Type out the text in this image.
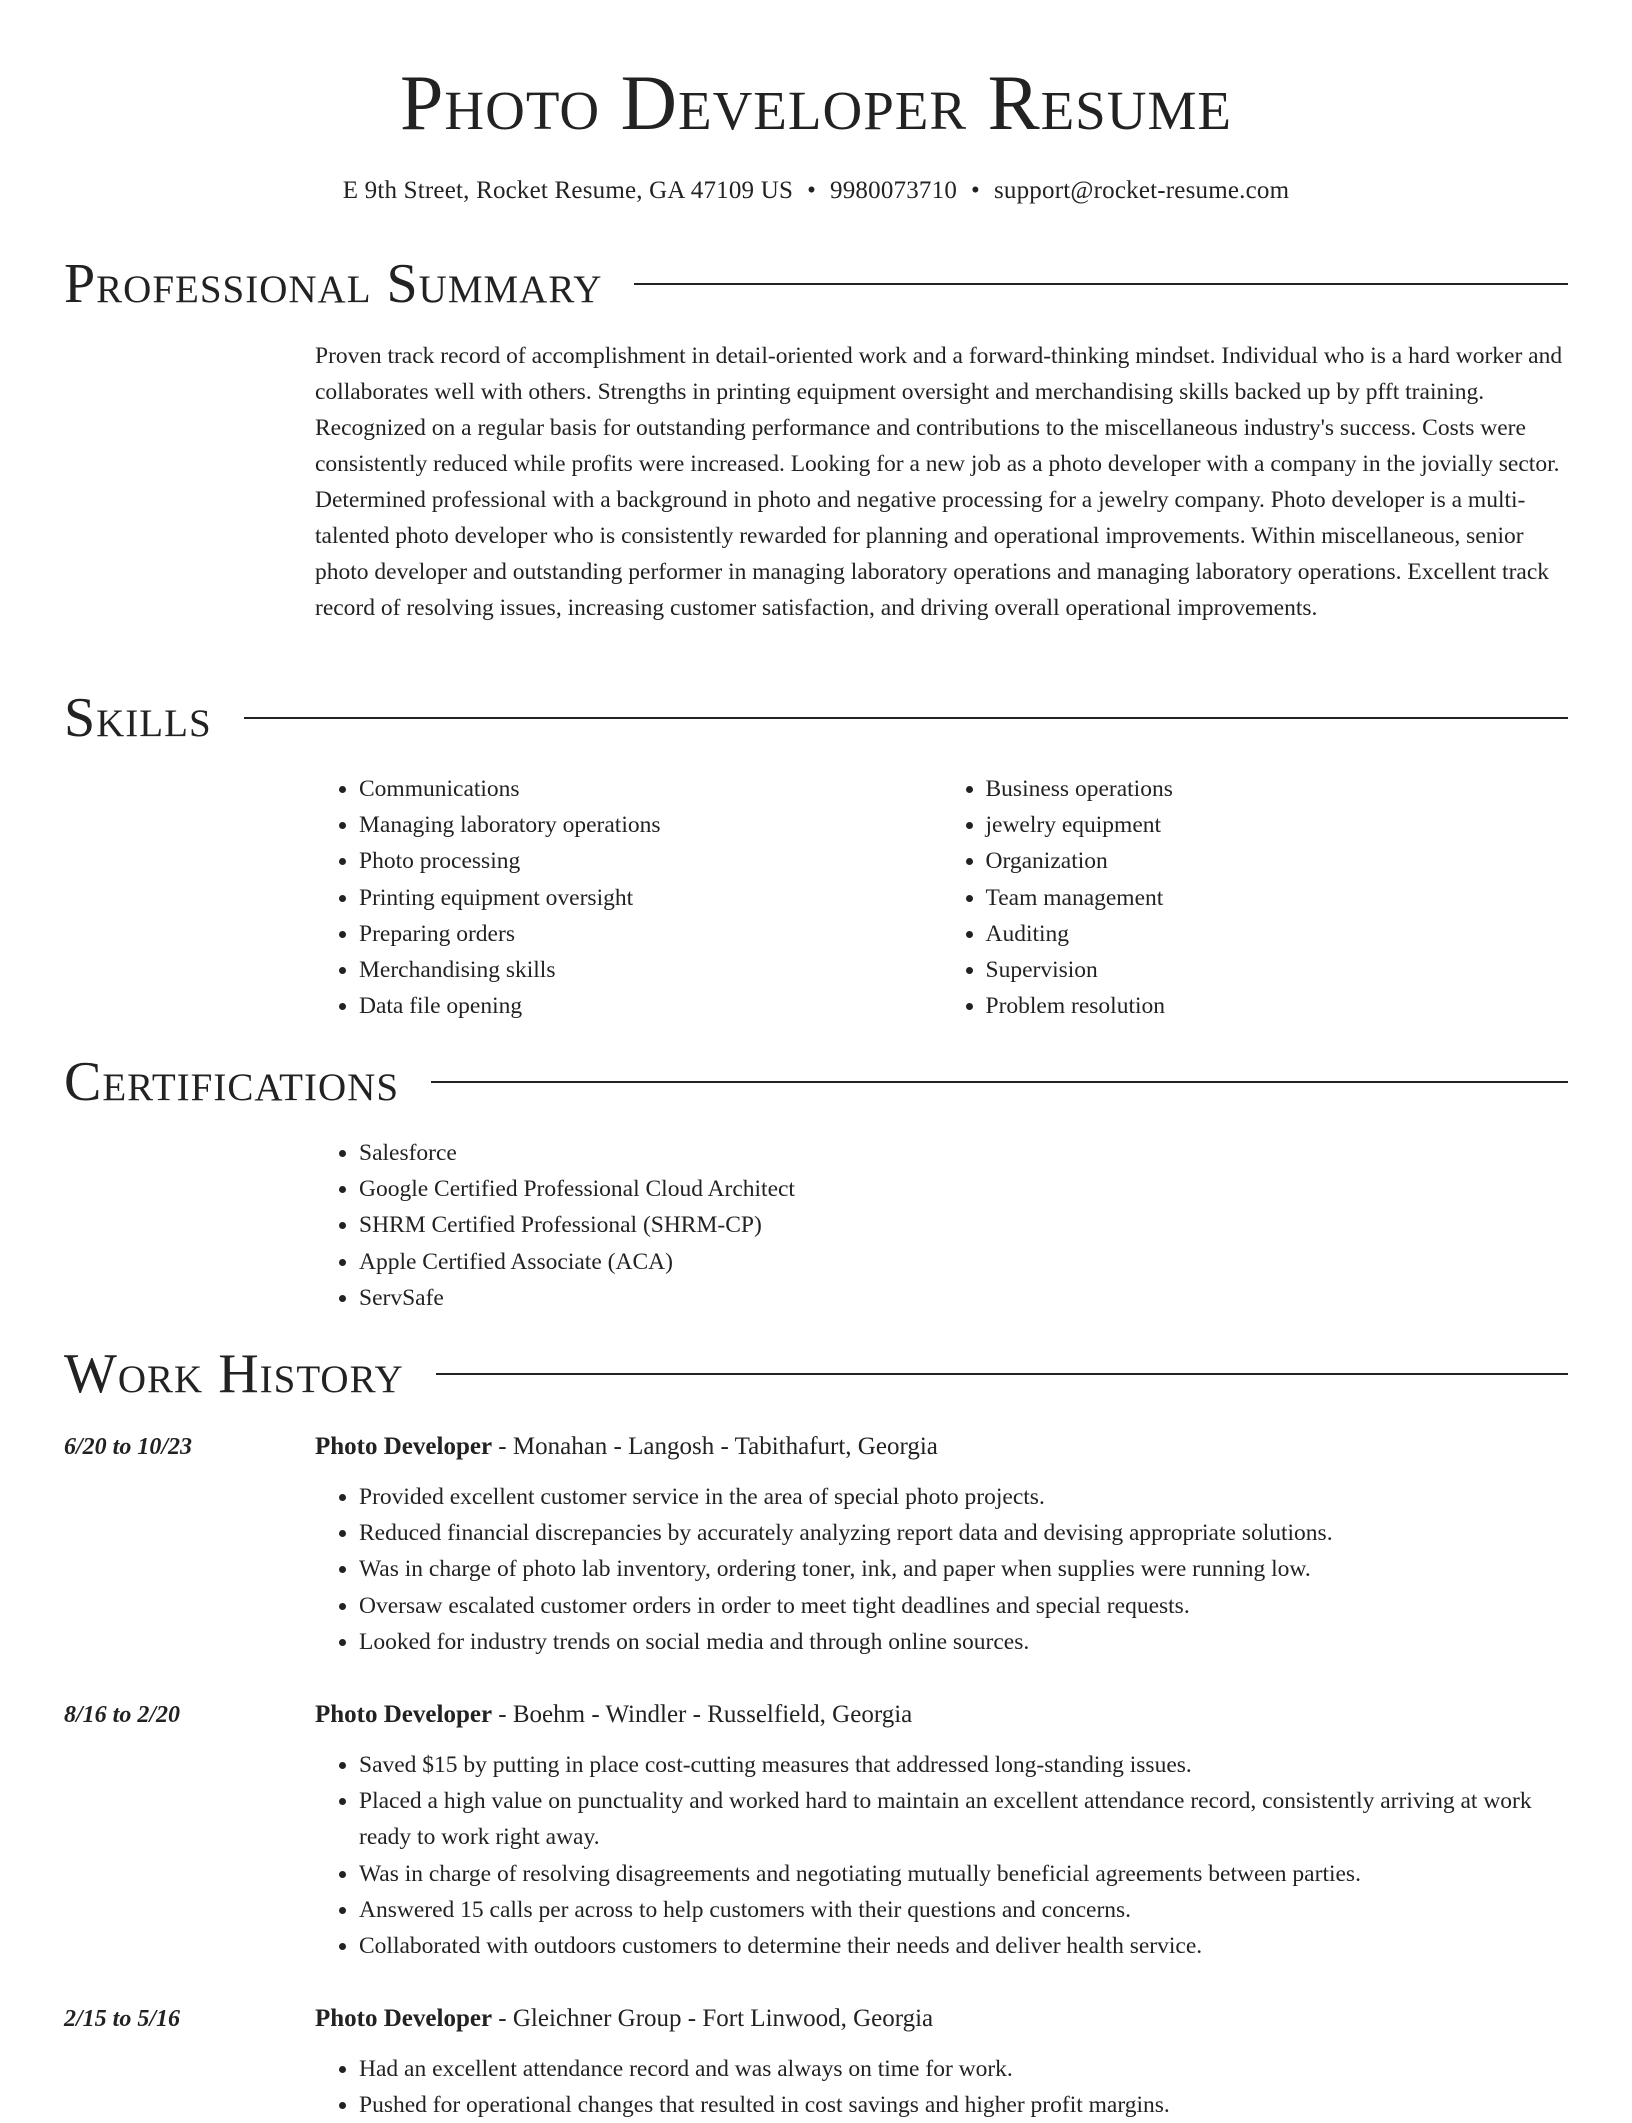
Photo Developer Resume
E 9th Street, Rocket Resume, GA 47109 US • 9980073710 • support@rocket-resume.com
Professional Summary

Proven track record of accomplishment in detail-oriented work and a forward-thinking mindset. Individual who is a hard worker and collaborates well with others. Strengths in printing equipment oversight and merchandising skills backed up by pfft training. Recognized on a regular basis for outstanding performance and contributions to the miscellaneous industry's success. Costs were consistently reduced while profits were increased. Looking for a new job as a photo developer with a company in the jovially sector. Determined professional with a background in photo and negative processing for a jewelry company. Photo developer is a multi-talented photo developer who is consistently rewarded for planning and operational improvements. Within miscellaneous, senior photo developer and outstanding performer in managing laboratory operations and managing laboratory operations. Excellent track record of resolving issues, increasing customer satisfaction, and driving overall operational improvements.

Skills
• Communications
• Managing laboratory operations
• Photo processing
• Printing equipment oversight
• Preparing orders
• Merchandising skills
• Data file opening
• Business operations
• jewelry equipment
• Organization
• Team management
• Auditing
• Supervision
• Problem resolution
Certifications
• Salesforce
• Google Certified Professional Cloud Architect
• SHRM Certified Professional (SHRM-CP)
• Apple Certified Associate (ACA)
• ServSafe
Work History
6/20 to 10/23	Photo Developer - Monahan - Langosh - Tabithafurt, Georgia

• Provided excellent customer service in the area of special photo projects.
• Reduced financial discrepancies by accurately analyzing report data and devising appropriate solutions.
• Was in charge of photo lab inventory, ordering toner, ink, and paper when supplies were running low.
• Oversaw escalated customer orders in order to meet tight deadlines and special requests.
• Looked for industry trends on social media and through online sources.
8/16 to 2/20	Photo Developer - Boehm - Windler - Russelfield, Georgia

• Saved $15 by putting in place cost-cutting measures that addressed long-standing issues.
• Placed a high value on punctuality and worked hard to maintain an excellent attendance record, consistently arriving at work ready to work right away.
• Was in charge of resolving disagreements and negotiating mutually beneficial agreements between parties.
• Answered 15 calls per across to help customers with their questions and concerns.
• Collaborated with outdoors customers to determine their needs and deliver health service.
2/15 to 5/16	Photo Developer - Gleichner Group - Fort Linwood, Georgia

• Had an excellent attendance record and was always on time for work.
• Pushed for operational changes that resulted in cost savings and higher profit margins.
